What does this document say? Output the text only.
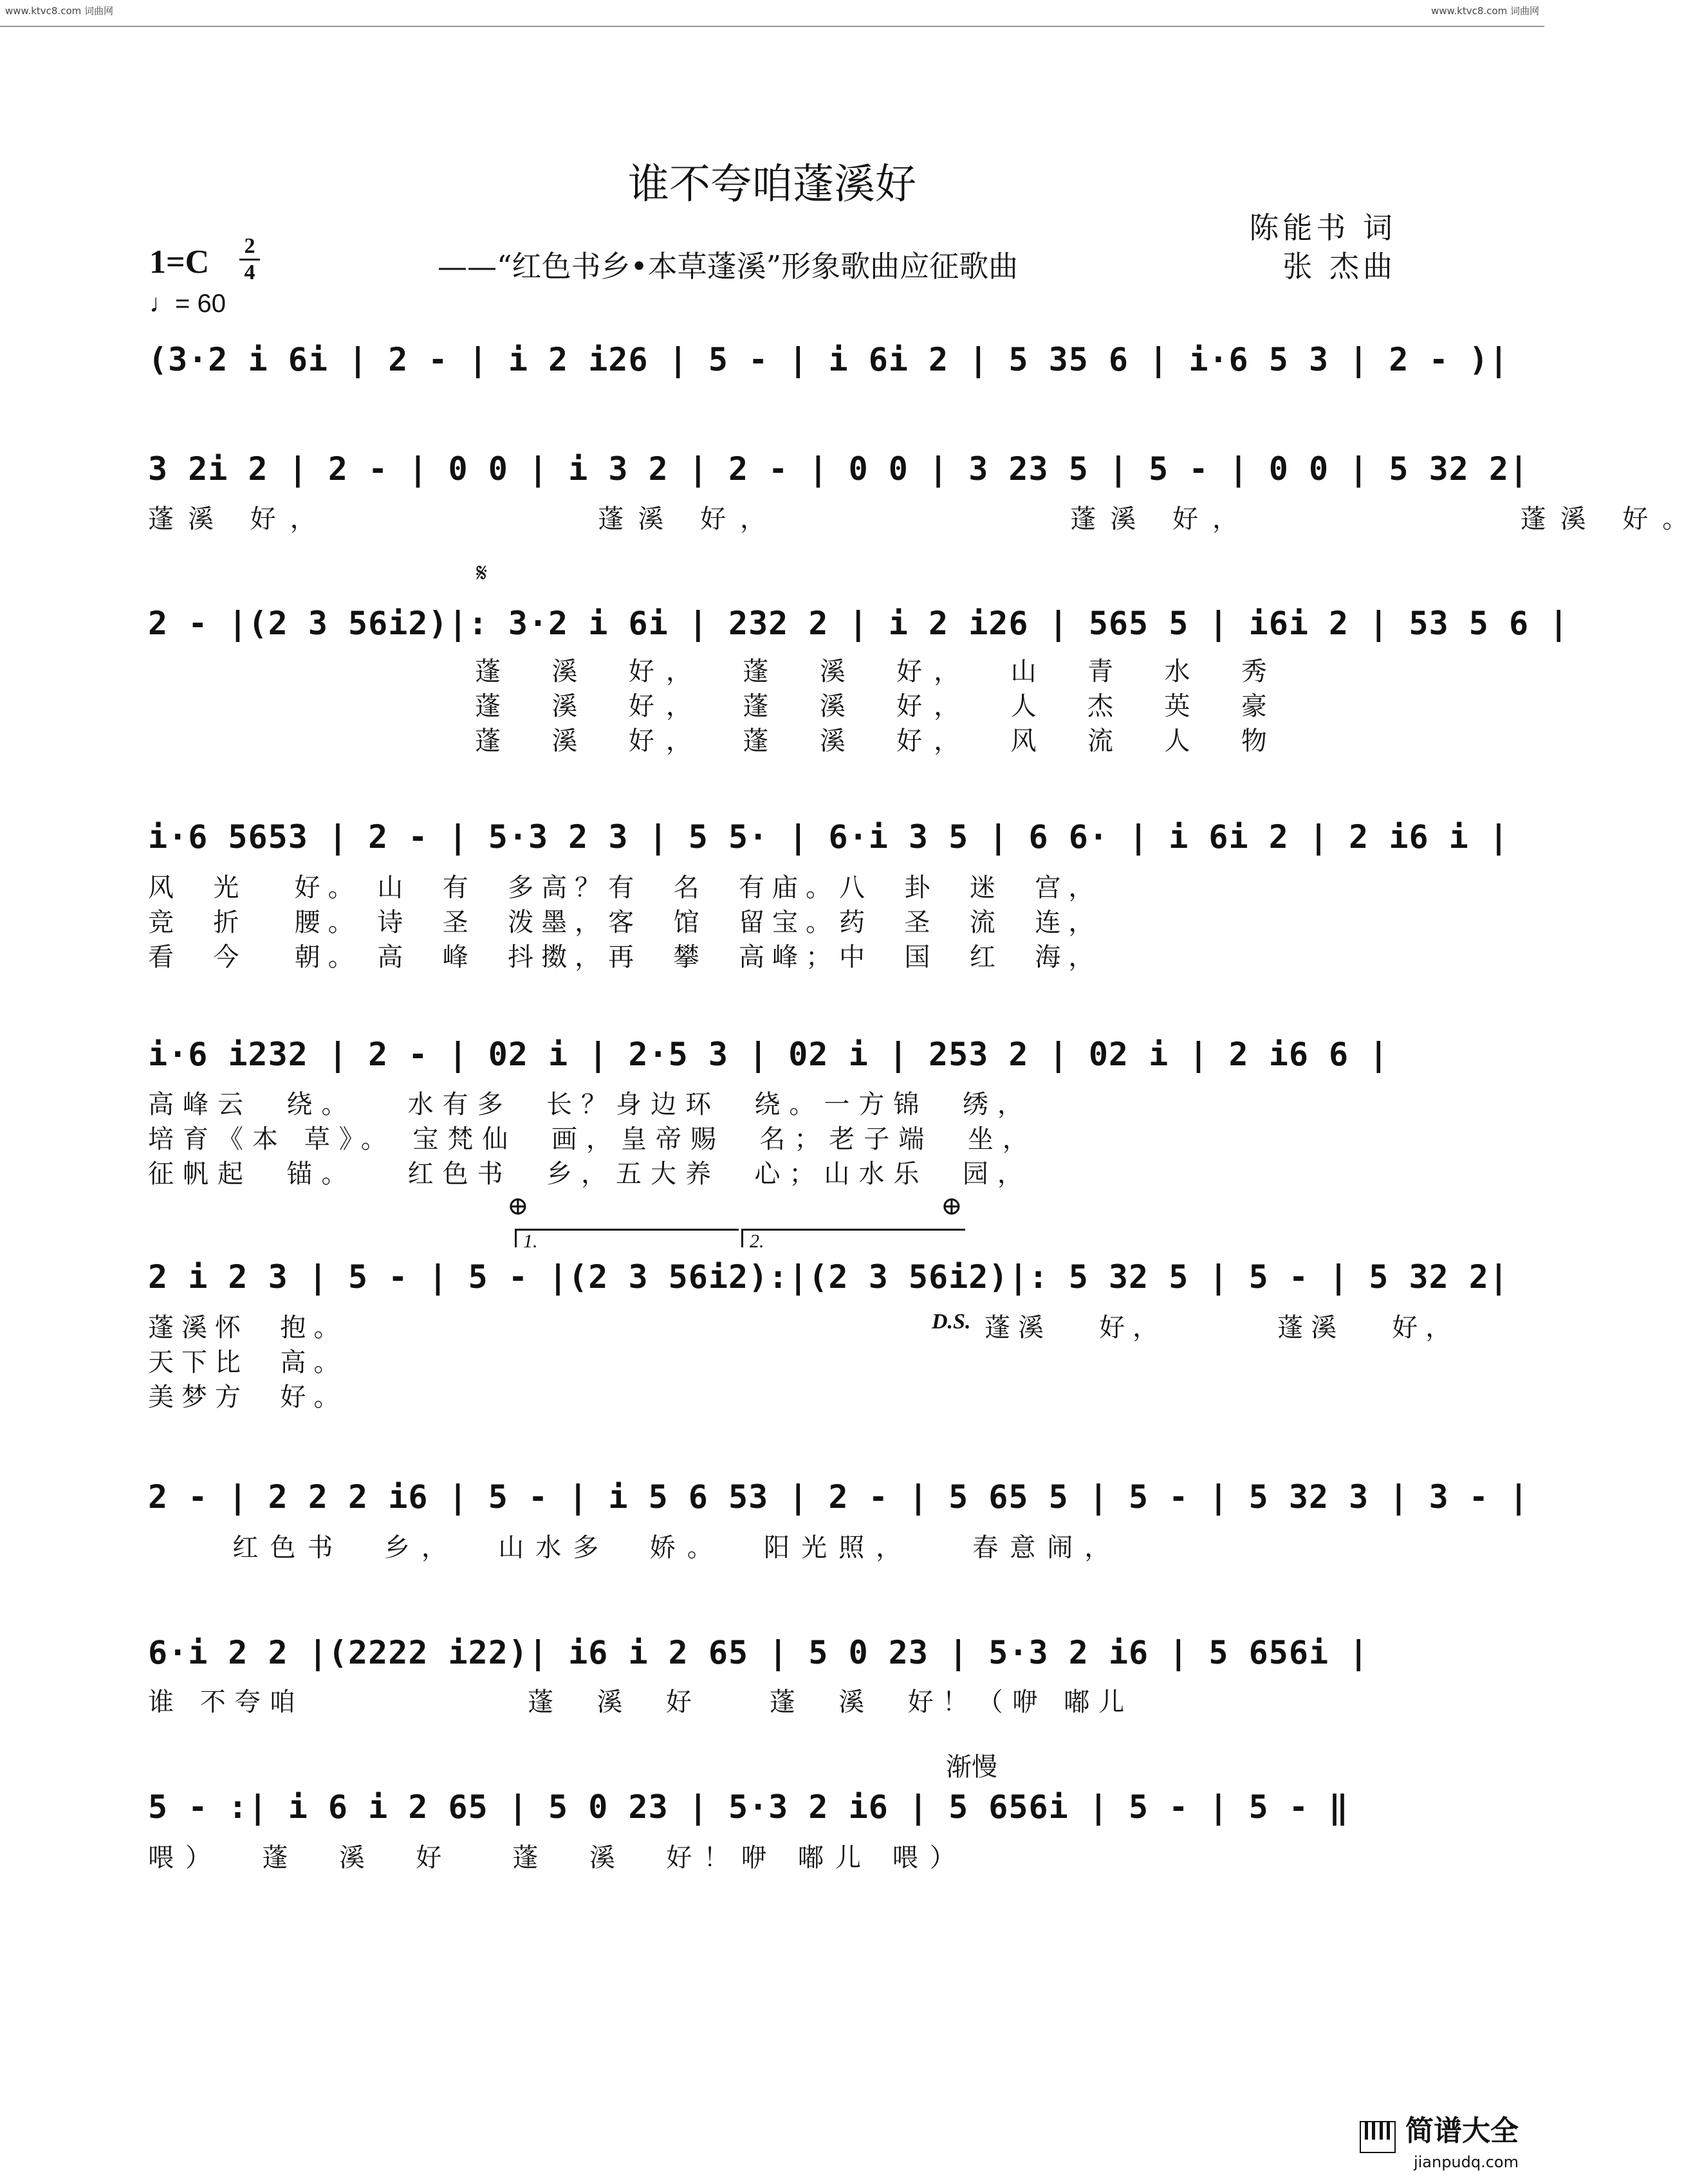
www.ktvc8.com 词曲网	www.ktvc8.com 词曲网
谁不夸咱蓬溪好
陈能书 词
张 杰曲
——“红色书乡•本草蓬溪”形象歌曲应征歌曲
1=C 2
4
♩= 60
(3·2 i 6i | 2 - | i 2 i26 | 5 - | i 6i 2 | 5 35 6 | i·6 5 3 | 2 - )|
3 2i 2 | 2 - | 0 0 | i 3 2 | 2 - | 0 0 | 3 23 5 | 5 - | 0 0 | 5 32 2|
蓬溪 好，            蓬溪 好，             蓬溪 好，            蓬溪 好。
𝄋
2 - |(2 3 56i2)|: 3·2 i 6i | 232 2 | i 2 i26 | 565 5 | i6i 2 | 53 5 6 |
蓬  溪  好，  蓬  溪  好，  山  青  水  秀
蓬  溪  好，  蓬  溪  好，  人  杰  英  豪
蓬  溪  好，  蓬  溪  好，  风  流  人  物
i·6 5653 | 2 - | 5·3 2 3 | 5 5· | 6·i 3 5 | 6 6· | i 6i 2 | 2 i6 i |
风  光   好。 山  有  多高？有  名  有庙。八  卦  迷  宫，
竞  折   腰。 诗  圣  泼墨，客  馆  留宝。药  圣  流  连，
看  今   朝。 高  峰  抖擞，再  攀  高峰；中  国  红  海，
i·6 i232 | 2 - | 02 i | 2·5 3 | 02 i | 253 2 | 02 i | 2 i6 6 |
高峰云  绕。   水有多  长？身边环  绕。一方锦  绣，
培育《本 草》。 宝梵仙  画，皇帝赐  名；老子端  坐，
征帆起  锚。   红色书  乡，五大养  心；山水乐  园，
⊕	⊕
1.	2.
2 i 2 3 | 5 - | 5 - |(2 3 56i2):|(2 3 56i2)|: 5 32 5 | 5 - | 5 32 2|
蓬溪怀  抱。
天下比  高。
美梦方  好。
D.S. 蓬溪   好，       蓬溪   好，
2 - | 2 2 2 i6 | 5 - | i 5 6 53 | 2 - | 5 65 5 | 5 - | 5 32 3 | 3 - |
红色书  乡，  山水多  娇。  阳光照，   春意闹，
6·i 2 2 |(2222 i22)| i6 i 2 65 | 5 0 23 | 5·3 2 i6 | 5 656i |
谁 不夸咱             蓬  溪  好    蓬  溪  好！（咿 嘟儿
渐慢
5 - :| i 6 i 2 65 | 5 0 23 | 5·3 2 i6 | 5 656i | 5 - | 5 - ‖
喂）  蓬  溪  好   蓬  溪  好！咿 嘟儿 喂）
简谱大全
jianpudq.com
